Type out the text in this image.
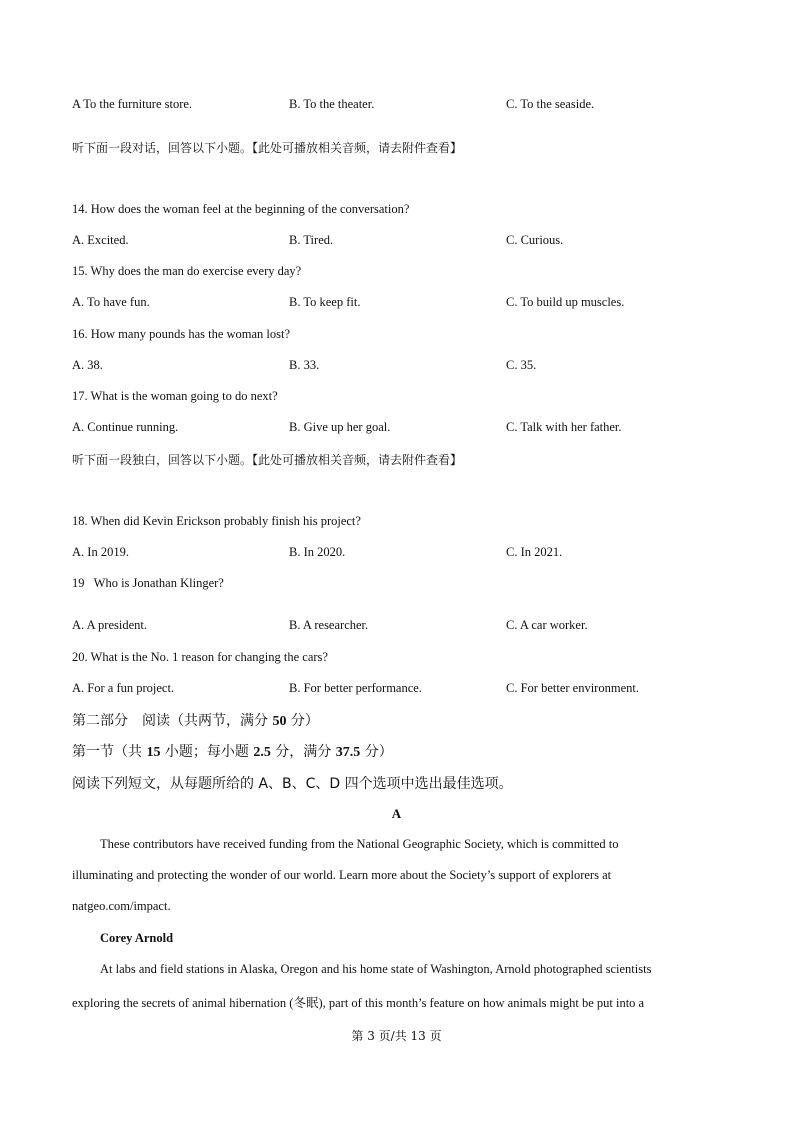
A To the furniture store.	B. To the theater.	C. To the seaside.
听下面一段对话，回答以下小题。【此处可播放相关音频，请去附件查看】
14. How does the woman feel at the beginning of the conversation?
A. Excited.	B. Tired.	C. Curious.
15. Why does the man do exercise every day?
A. To have fun.	B. To keep fit.	C. To build up muscles.
16. How many pounds has the woman lost?
A. 38.	B. 33.	C. 35.
17. What is the woman going to do next?
A. Continue running.	B. Give up her goal.	C. Talk with her father.
听下面一段独白，回答以下小题。【此处可播放相关音频，请去附件查看】
18. When did Kevin Erickson probably finish his project?
A. In 2019.	B. In 2020.	C. In 2021.
19   Who is Jonathan Klinger?
A. A president.	B. A researcher.	C. A car worker.
20. What is the No. 1 reason for changing the cars?
A. For a fun project.	B. For better performance.	C. For better environment.
第二部分　阅读（共两节，满分 50 分）
第一节（共 15 小题；每小题 2.5 分，满分 37.5 分）
阅读下列短文，从每题所给的 A、B、C、D 四个选项中选出最佳选项。
A
These contributors have received funding from the National Geographic Society, which is committed to
illuminating and protecting the wonder of our world. Learn more about the Society’s support of explorers at
natgeo.com/impact.
Corey Arnold
At labs and field stations in Alaska, Oregon and his home state of Washington, Arnold photographed scientists
exploring the secrets of animal hibernation (冬眠), part of this month’s feature on how animals might be put into a
第 3 页/共 13 页
